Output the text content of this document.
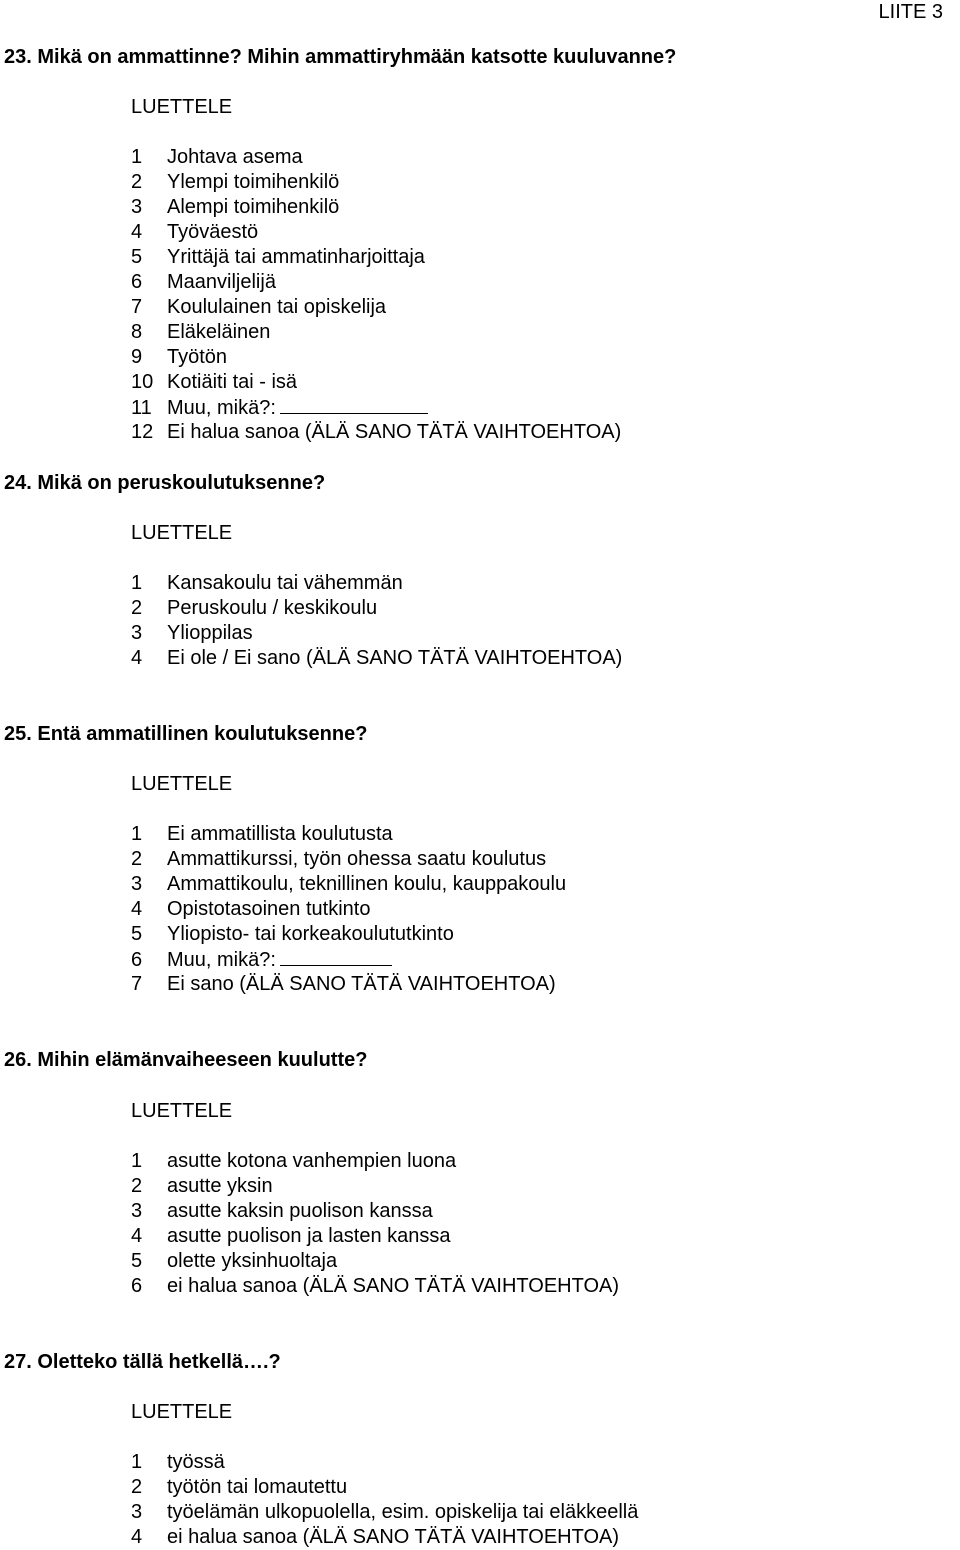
LIITE 3
23. Mikä on ammattinne? Mihin ammattiryhmään katsotte kuuluvanne?
LUETTELE
1 Johtava asema
2 Ylempi toimihenkilö
3 Alempi toimihenkilö
4 Työväestö
5 Yrittäjä tai ammatinharjoittaja
6 Maanviljelijä
7 Koululainen tai opiskelija
8 Eläkeläinen
9 Työtön
10 Kotiäiti tai - isä
11 Muu, mikä?:
12 Ei halua sanoa (ÄLÄ SANO TÄTÄ VAIHTOEHTOA)
24. Mikä on peruskoulutuksenne?
LUETTELE
1 Kansakoulu tai vähemmän
2 Peruskoulu / keskikoulu
3 Ylioppilas
4 Ei ole / Ei sano (ÄLÄ SANO TÄTÄ VAIHTOEHTOA)
25. Entä ammatillinen koulutuksenne?
LUETTELE
1 Ei ammatillista koulutusta
2 Ammattikurssi, työn ohessa saatu koulutus
3 Ammattikoulu, teknillinen koulu, kauppakoulu
4 Opistotasoinen tutkinto
5 Yliopisto- tai korkeakoulututkinto
6 Muu, mikä?:
7 Ei sano (ÄLÄ SANO TÄTÄ VAIHTOEHTOA)
26. Mihin elämänvaiheeseen kuulutte?
LUETTELE
1 asutte kotona vanhempien luona
2 asutte yksin
3 asutte kaksin puolison kanssa
4 asutte puolison ja lasten kanssa
5 olette yksinhuoltaja
6 ei halua sanoa (ÄLÄ SANO TÄTÄ VAIHTOEHTOA)
27. Oletteko tällä hetkellä….?
LUETTELE
1 työssä
2 työtön tai lomautettu
3 työelämän ulkopuolella, esim. opiskelija tai eläkkeellä
4 ei halua sanoa (ÄLÄ SANO TÄTÄ VAIHTOEHTOA)
